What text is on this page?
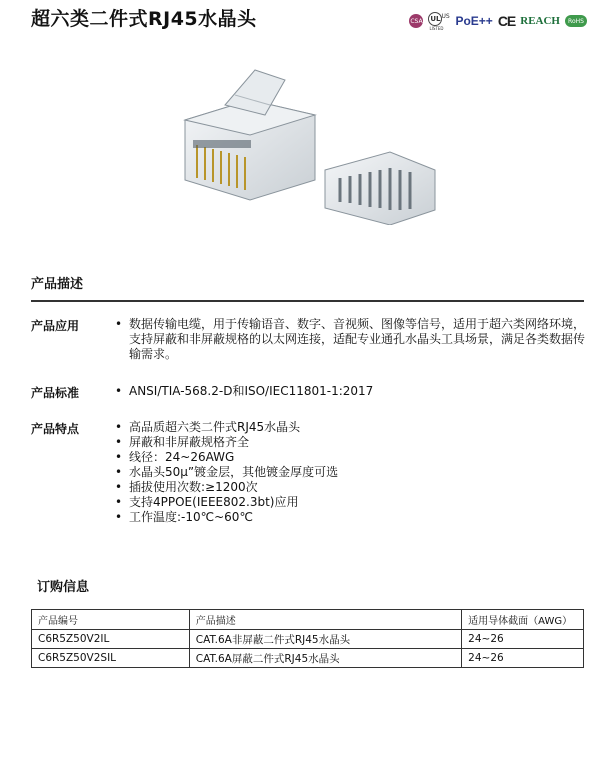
超六类二件式RJ45水晶头	CSA UL US
LISTED
PoE++ CE REACH RoHS
产品描述
产品应用	• 数据传输电缆，用于传输语音、数字、音视频、图像等信号，适用于超六类网络环境，支持屏蔽和非屏蔽规格的以太网连接，适配专业通孔水晶头工具场景，满足各类数据传输需求。
产品标准	• ANSI/TIA-568.2-D和ISO/IEC11801-1:2017
产品特点	• 高品质超六类二件式RJ45水晶头
• 屏蔽和非屏蔽规格齐全
• 线径：24~26AWG
• 水晶头50μ”镀金层，其他镀金厚度可选
• 插拔使用次数:≥1200次
• 支持4PPOE(IEEE802.3bt)应用
• 工作温度:-10℃~60℃
订购信息
产品编号	产品描述	适用导体截面（AWG）
C6R5Z50V2IL	CAT.6A非屏蔽二件式RJ45水晶头	24~26
C6R5Z50V2SIL	CAT.6A屏蔽二件式RJ45水晶头	24~26
